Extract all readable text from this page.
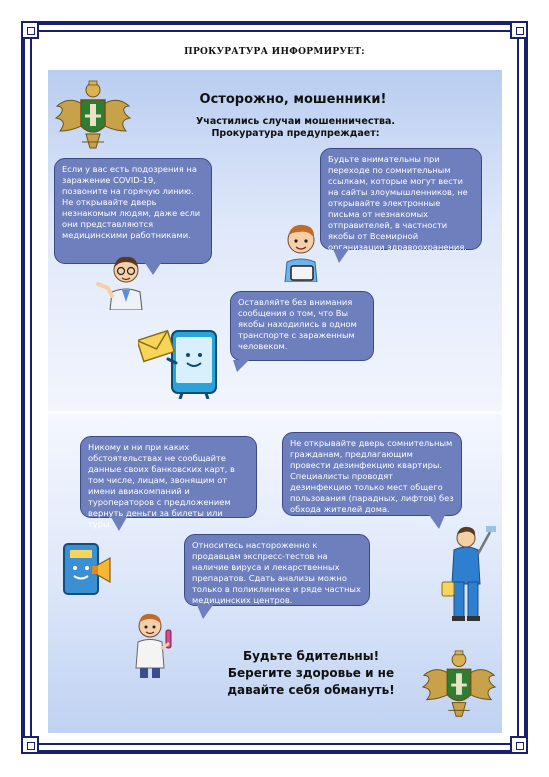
ПРОКУРАТУРА ИНФОРМИРУЕТ:
Осторожно, мошенники!
Участились случаи мошенничества. Прокуратура предупреждает:
Если у вас есть подозрения на заражение COVID-19, позвоните на горячую линию. Не открывайте дверь незнакомым людям, даже если они представляются медицинскими работниками.
Будьте внимательны при переходе по сомнительным ссылкам, которые могут вести на сайты злоумышленников, не открывайте электронные письма от незнакомых отправителей, в частности якобы от Всемирной организации здравоохранения.
Оставляйте без внимания сообщения о том, что Вы якобы находились в одном транспорте с зараженным человеком.
Никому и ни при каких обстоятельствах не сообщайте данные своих банковских карт, в том числе, лицам, звонящим от имени авиакомпаний и туроператоров с предложением вернуть деньги за билеты или туры.
Не открывайте дверь сомнительным гражданам, предлагающим провести дезинфекцию квартиры. Специалисты проводят дезинфекцию только мест общего пользования (парадных, лифтов) без обхода жителей дома.
Относитесь настороженно к продавцам экспресс-тестов на наличие вируса и лекарственных препаратов. Сдать анализы можно только в поликлинике и ряде частных медицинских центров.
Будьте бдительны! Берегите здоровье и не давайте себя обмануть!
